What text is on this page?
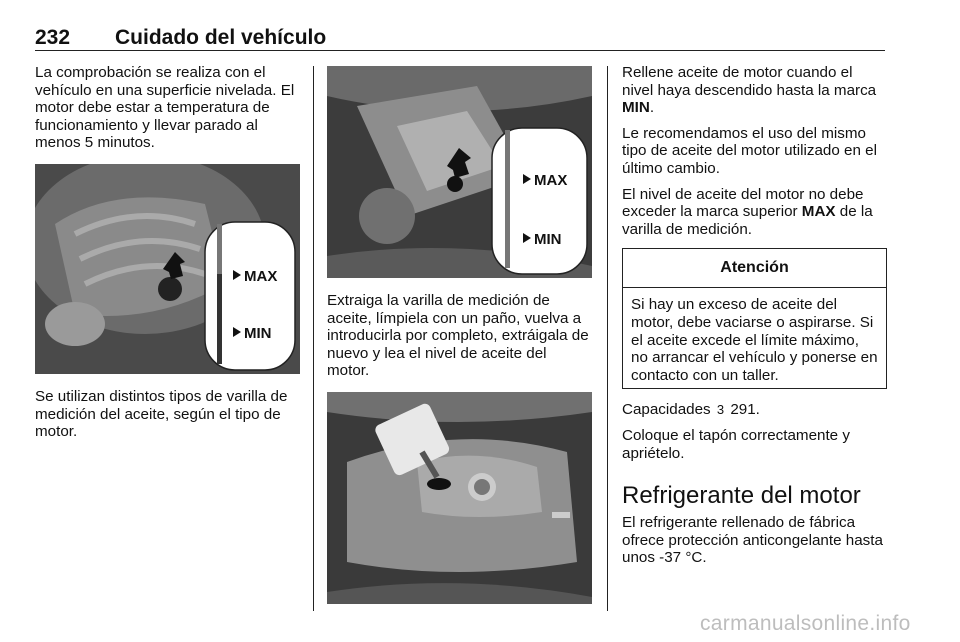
232 Cuidado del vehículo

La comprobación se realiza con el vehículo en una superficie nivelada. El motor debe estar a temperatura de funcionamiento y llevar parado al menos 5 minutos.

MAX
MIN

Se utilizan distintos tipos de varilla de medición del aceite, según el tipo de motor.

MAX
MIN

Extraiga la varilla de medición de aceite, límpiela con un paño, vuelva a introducirla por completo, extráigala de nuevo y lea el nivel de aceite del motor.

Rellene aceite de motor cuando el nivel haya descendido hasta la marca MIN.

Le recomendamos el uso del mismo tipo de aceite del motor utilizado en el último cambio.

El nivel de aceite del motor no debe exceder la marca superior MAX de la varilla de medición.

Atención
Si hay un exceso de aceite del motor, debe vaciarse o aspirarse. Si el aceite excede el límite máximo, no arrancar el vehículo y ponerse en contacto con un taller.

Capacidades 3 291.

Coloque el tapón correctamente y apriételo.

Refrigerante del motor

El refrigerante rellenado de fábrica ofrece protección anticongelante hasta unos -37 °C.

carmanualsonline.info
